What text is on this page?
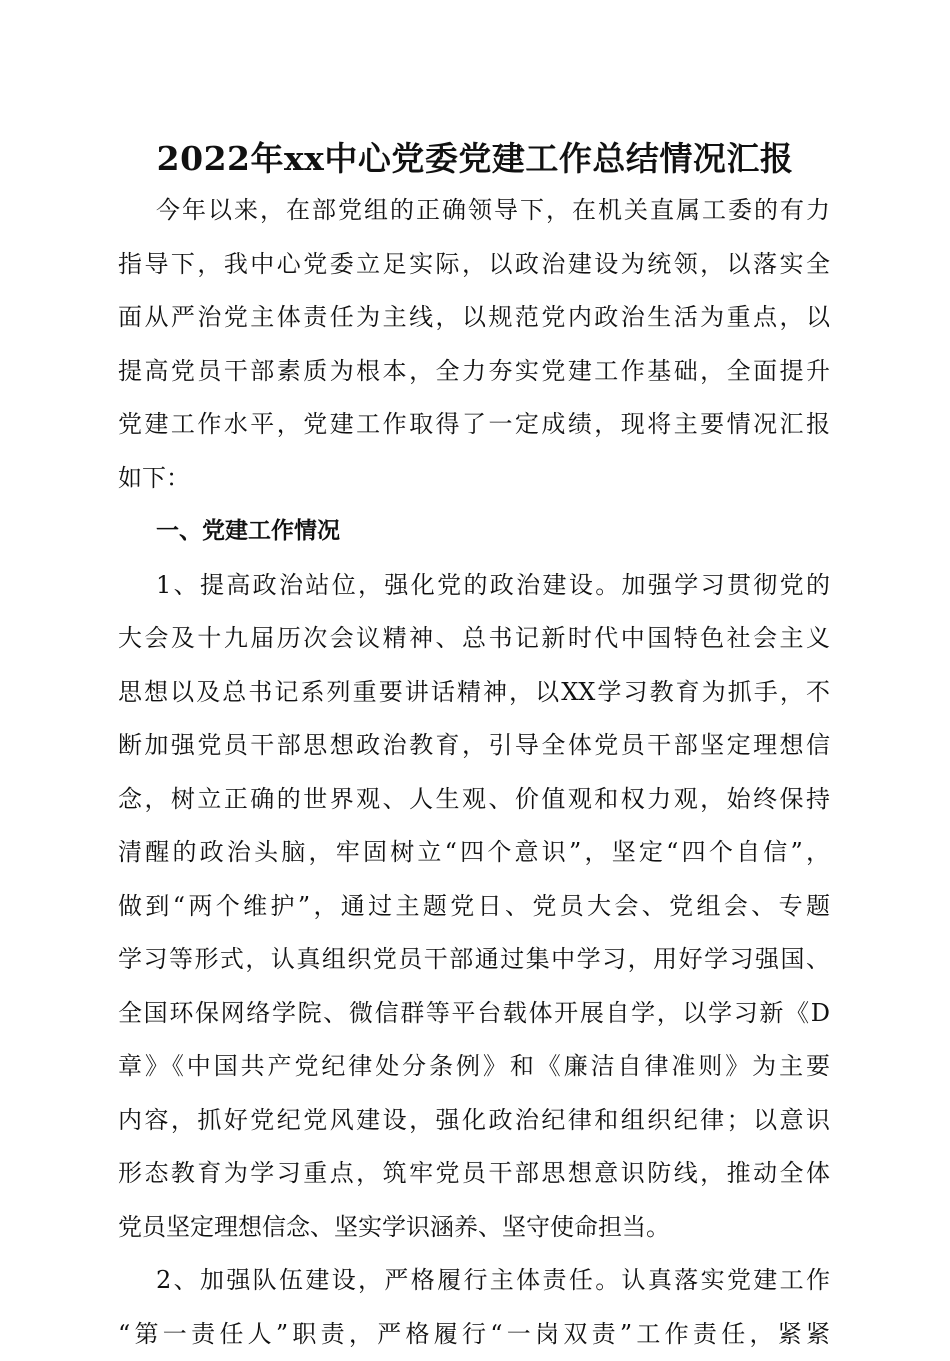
2022年xx中心党委党建工作总结情况汇报
今年以来，在部党组的正确领导下，在机关直属工委的有力
指导下，我中心党委立足实际，以政治建设为统领，以落实全
面从严治党主体责任为主线，以规范党内政治生活为重点，以
提高党员干部素质为根本，全力夯实党建工作基础，全面提升
党建工作水平，党建工作取得了一定成绩，现将主要情况汇报
如下：
一、党建工作情况
1、提高政治站位，强化党的政治建设。加强学习贯彻党的
大会及十九届历次会议精神、总书记新时代中国特色社会主义
思想以及总书记系列重要讲话精神，以XX学习教育为抓手，不
断加强党员干部思想政治教育，引导全体党员干部坚定理想信
念，树立正确的世界观、人生观、价值观和权力观，始终保持
清醒的政治头脑，牢固树立“四个意识”，坚定“四个自信”，
做到“两个维护”，通过主题党日、党员大会、党组会、专题
学习等形式，认真组织党员干部通过集中学习，用好学习强国、
全国环保网络学院、微信群等平台载体开展自学，以学习新《D
章》《中国共产党纪律处分条例》和《廉洁自律准则》为主要
内容，抓好党纪党风建设，强化政治纪律和组织纪律；以意识
形态教育为学习重点，筑牢党员干部思想意识防线，推动全体
党员坚定理想信念、坚实学识涵养、坚守使命担当。
2、加强队伍建设，严格履行主体责任。认真落实党建工作
“第一责任人”职责，严格履行“一岗双责”工作责任，紧紧
